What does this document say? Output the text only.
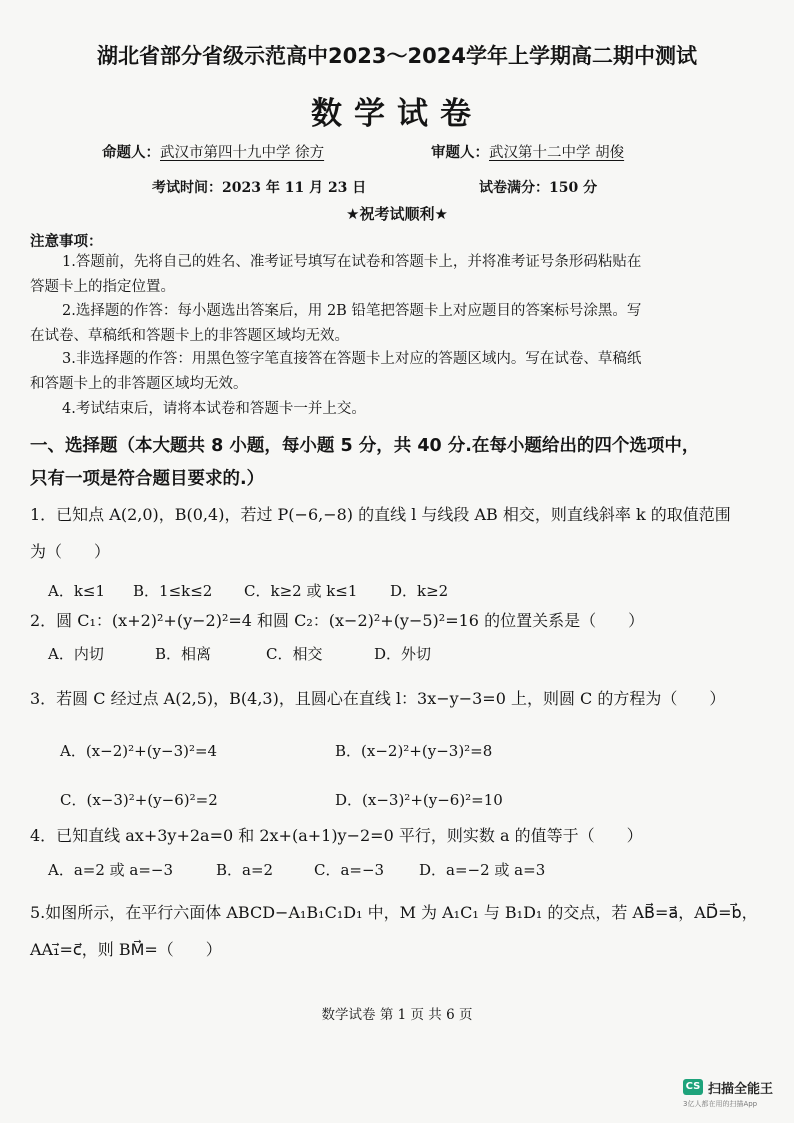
湖北省部分省级示范高中2023～2024学年上学期高二期中测试
数学试卷
命题人：武汉市第四十九中学 徐方	审题人：武汉第十二中学 胡俊
考试时间：2023 年 11 月 23 日	试卷满分：150 分
★祝考试顺利★
注意事项：
1.答题前，先将自己的姓名、准考证号填写在试卷和答题卡上，并将准考证号条形码粘贴在
答题卡上的指定位置。
2.选择题的作答：每小题选出答案后，用 2B 铅笔把答题卡上对应题目的答案标号涂黑。写
在试卷、草稿纸和答题卡上的非答题区域均无效。
3.非选择题的作答：用黑色签字笔直接答在答题卡上对应的答题区域内。写在试卷、草稿纸
和答题卡上的非答题区域均无效。
4.考试结束后，请将本试卷和答题卡一并上交。
一、选择题（本大题共 8 小题，每小题 5 分，共 40 分.在每小题给出的四个选项中，
只有一项是符合题目要求的.）
1．已知点 A(2,0)，B(0,4)，若过 P(−6,−8) 的直线 l 与线段 AB 相交，则直线斜率 k 的取值范围
为（　　）
A．k≤1 B．1≤k≤2 C．k≥2 或 k≤1 D．k≥2
2．圆 C₁：(x+2)²+(y−2)²=4 和圆 C₂：(x−2)²+(y−5)²=16 的位置关系是（　　）
A．内切	B．相离	C．相交	D．外切
3．若圆 C 经过点 A(2,5)，B(4,3)，且圆心在直线 l：3x−y−3=0 上，则圆 C 的方程为（　　）
A．(x−2)²+(y−3)²=4	B．(x−2)²+(y−3)²=8
C．(x−3)²+(y−6)²=2	D．(x−3)²+(y−6)²=10
4．已知直线 ax+3y+2a=0 和 2x+(a+1)y−2=0 平行，则实数 a 的值等于（　　）
A．a=2 或 a=−3	B．a=2	C．a=−3 D．a=−2 或 a=3
5.如图所示，在平行六面体 ABCD−A₁B₁C₁D₁ 中，M 为 A₁C₁ 与 B₁D₁ 的交点，若 AB⃗=a⃗，AD⃗=b⃗，
AA₁⃗=c⃗，则 BM⃗=（　　）
数学试卷 第 1 页 共 6 页
CS 扫描全能王
3亿人都在用的扫描App
